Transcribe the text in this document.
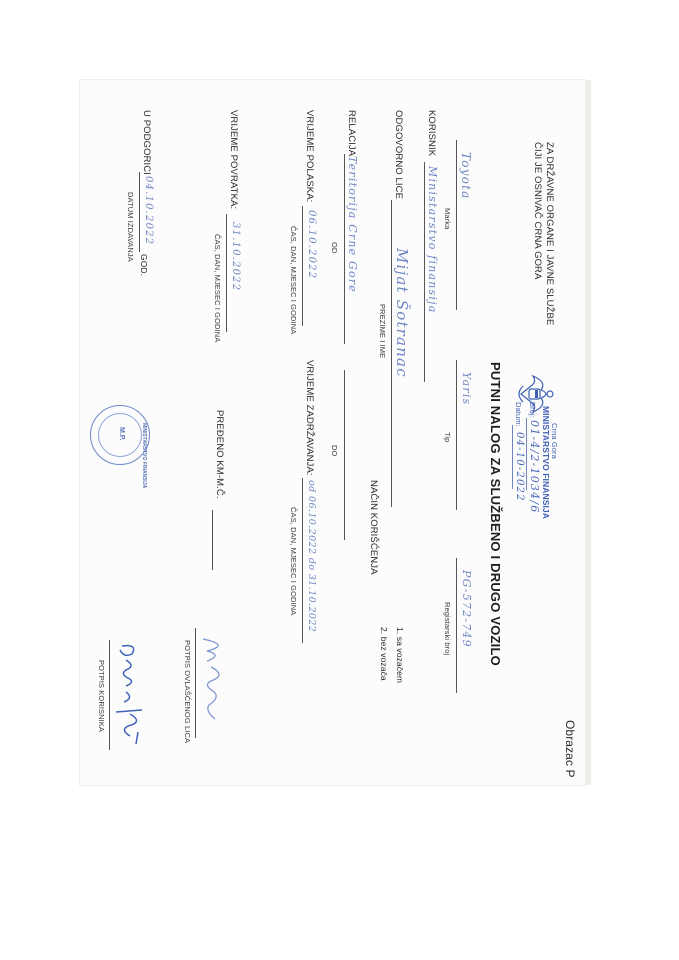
ZA DRŽAVNE ORGANE I JAVNE SLUŽBE
ČIJI JE OSNIVAČ CRNA GORA
Obrazac P
Crna Gora
MINISTARSTVO FINANSIJA
Broj:
01-4/2-1034/6
Datum:
04-10-2022
PUTNI NALOG ZA SLUŽBENO I DRUGO VOZILO
Toyota
Marka
Yaris
Tip
PG-572-749
Registarski broj
KORISNIK
Ministarstvo finansija
ODGOVORNO LICE
Mijat Šotranac
PREZIME I IME
NAČIN KORIŠĆENJA
1. sa vozačem
2. bez vozača
RELACIJA
Teritorija Crne Gore
OD
DO
VRIJEME POLASKA:
06.10.2022
ČAS, DAN, MJESEC I GODINA
VRIJEME ZADRŽAVANJA:
od 06.10.2022 do 31.10.2022
ČAS, DAN, MJESEC I GODINA
VRIJEME POVRATKA:
31.10.2022
ČAS, DAN, MJESEC I GODINA
PREĐENO KM-M.Č.
POTPIS OVLAŠĆENOG LICA
U PODGORICI
04.10.2022
DATUM IZDAVANJA
GOD.
MINISTARSTVO FINANSIJA
M.P.
POTPIS KORISNIKA
